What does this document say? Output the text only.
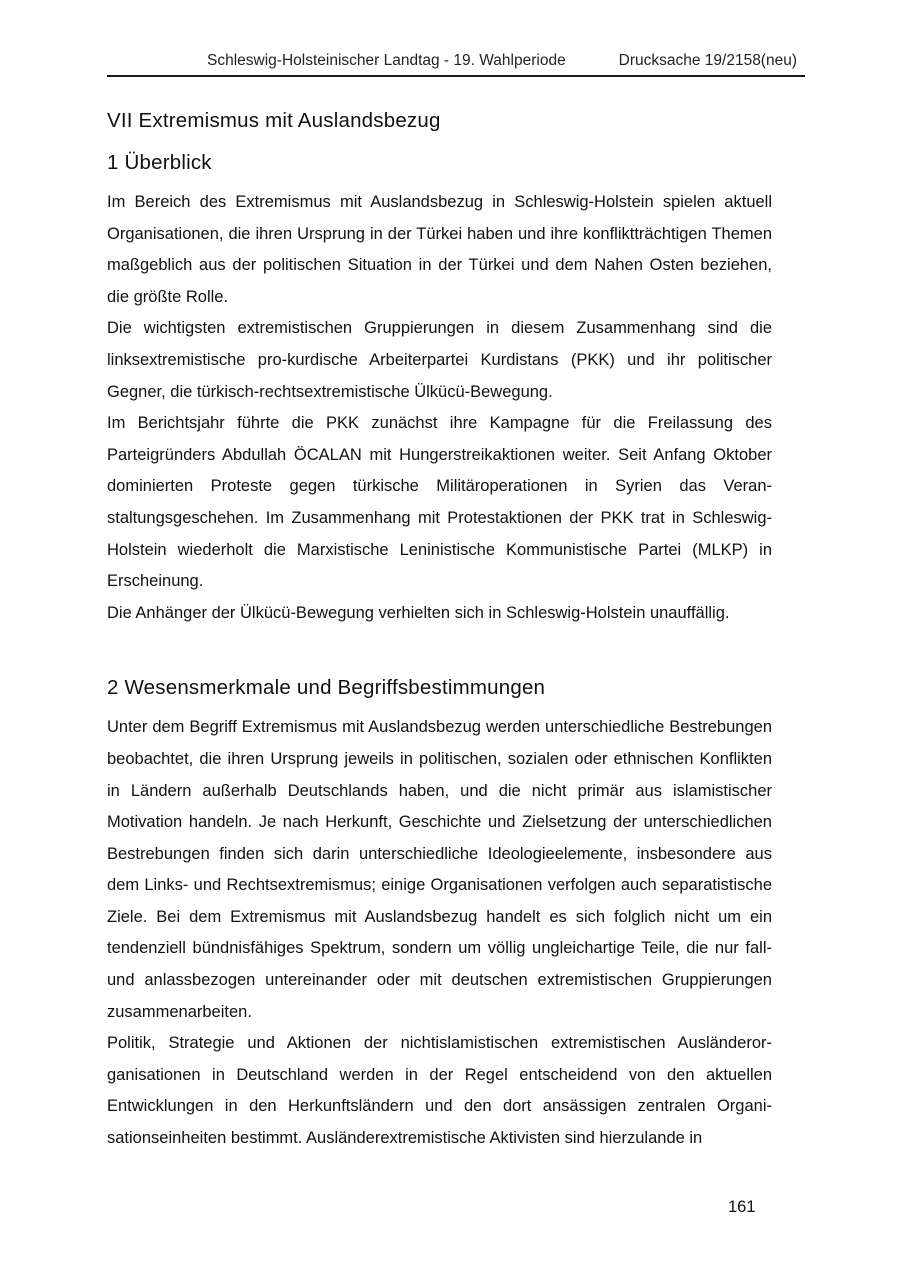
Schleswig-Holsteinischer Landtag - 19. Wahlperiode	Drucksache 19/2158(neu)
VII Extremismus mit Auslandsbezug
1 Überblick

Im Bereich des Extremismus mit Auslandsbezug in Schleswig-Holstein spielen aktuell Organisationen, die ihren Ursprung in der Türkei haben und ihre konfliktträchtigen Themen maßgeblich aus der politischen Situation in der Türkei und dem Nahen Osten beziehen, die größte Rolle.

Die wichtigsten extremistischen Gruppierungen in diesem Zusammenhang sind die linksextremistische pro-kurdische Arbeiterpartei Kurdistans (PKK) und ihr politischer Gegner, die türkisch-rechtsextremistische Ülkücü-Bewegung.

Im Berichtsjahr führte die PKK zunächst ihre Kampagne für die Freilassung des Parteigründers Abdullah ÖCALAN mit Hungerstreikaktionen weiter. Seit Anfang Oktober dominierten Proteste gegen türkische Militäroperationen in Syrien das Veranstaltungsgeschehen. Im Zusammenhang mit Protestaktionen der PKK trat in Schleswig-Holstein wiederholt die Marxistische Leninistische Kommunistische Partei (MLKP) in Erscheinung.

Die Anhänger der Ülkücü-Bewegung verhielten sich in Schleswig-Holstein unauffällig.

2 Wesensmerkmale und Begriffsbestimmungen

Unter dem Begriff Extremismus mit Auslandsbezug werden unterschiedliche Bestrebungen beobachtet, die ihren Ursprung jeweils in politischen, sozialen oder ethnischen Konflikten in Ländern außerhalb Deutschlands haben, und die nicht primär aus islamistischer Motivation handeln. Je nach Herkunft, Geschichte und Zielsetzung der unterschiedlichen Bestrebungen finden sich darin unterschiedliche Ideologieelemente, insbesondere aus dem Links- und Rechtsextremismus; einige Organisationen verfolgen auch separatistische Ziele. Bei dem Extremismus mit Auslandsbezug handelt es sich folglich nicht um ein tendenziell bündnisfähiges Spektrum, sondern um völlig ungleichartige Teile, die nur fall- und anlassbezogen untereinander oder mit deutschen extremistischen Gruppierungen zusammenarbeiten.

Politik, Strategie und Aktionen der nichtislamistischen extremistischen Ausländerorganisationen in Deutschland werden in der Regel entscheidend von den aktuellen Entwicklungen in den Herkunftsländern und den dort ansässigen zentralen Organisationseinheiten bestimmt. Ausländerextremistische Aktivisten sind hierzulande in

161
